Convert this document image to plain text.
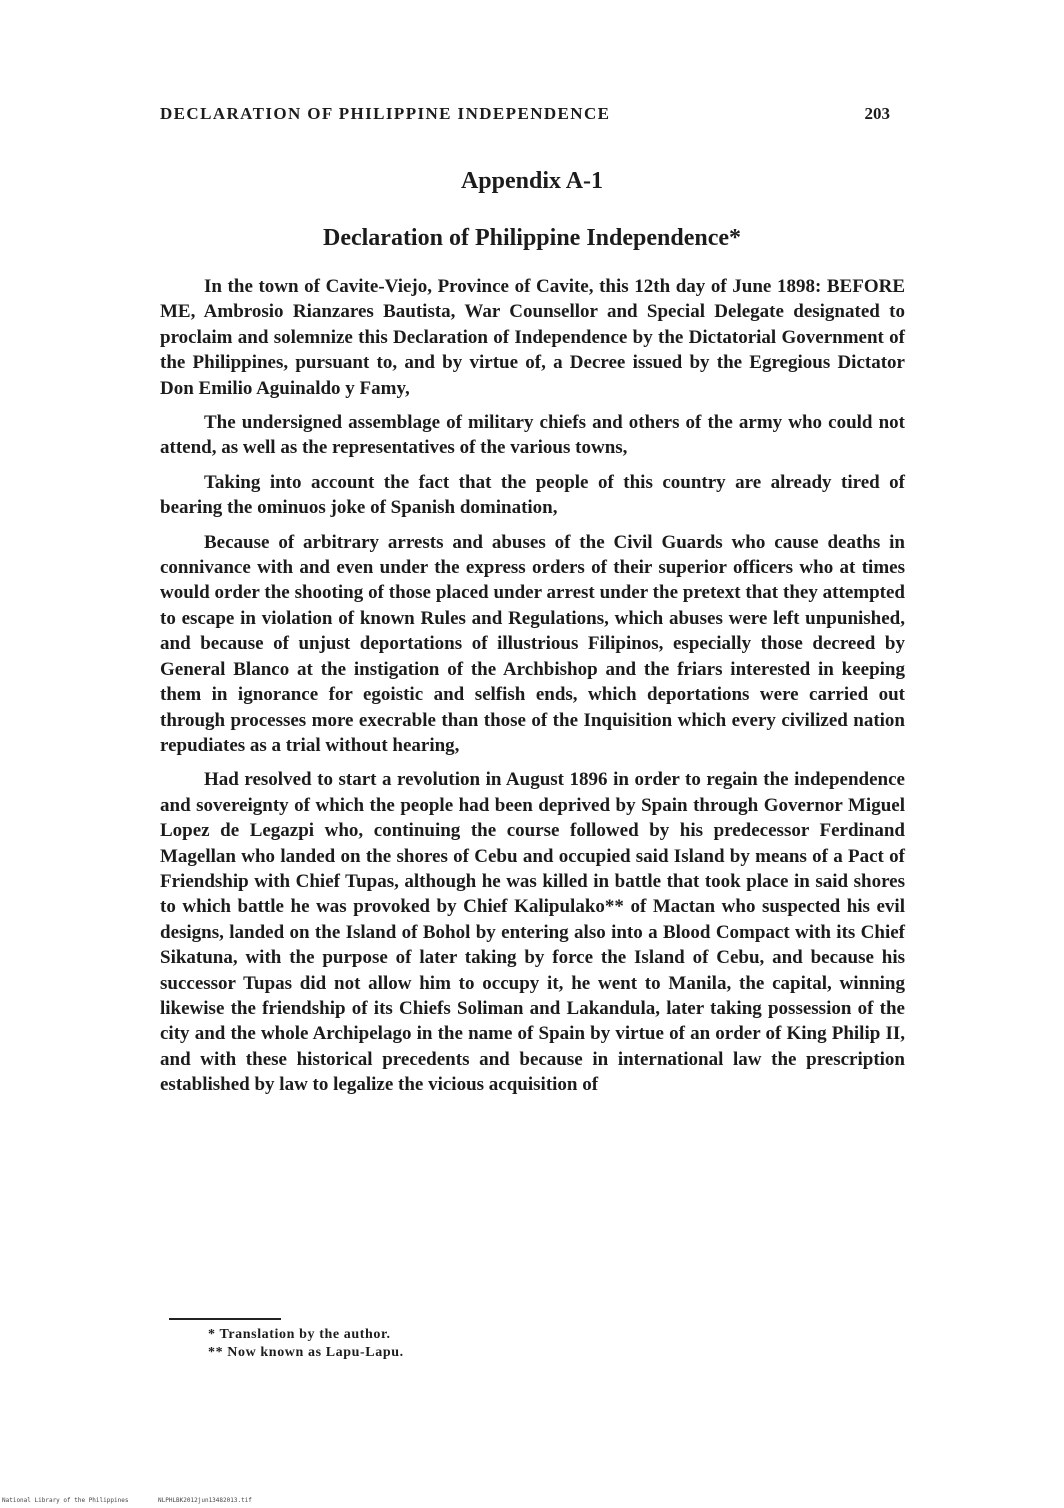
DECLARATION OF PHILIPPINE INDEPENDENCE	203
Appendix A-1
Declaration of Philippine Independence*

In the town of Cavite-Viejo, Province of Cavite, this 12th day of June 1898: BEFORE ME, Ambrosio Rianzares Bautista, War Counsellor and Special Delegate designated to proclaim and solemnize this Declaration of Independence by the Dictatorial Government of the Philippines, pursuant to, and by virtue of, a Decree issued by the Egregious Dictator Don Emilio Aguinaldo y Famy,

The undersigned assemblage of military chiefs and others of the army who could not attend, as well as the representatives of the various towns,

Taking into account the fact that the people of this country are already tired of bearing the ominuos joke of Spanish domination,

Because of arbitrary arrests and abuses of the Civil Guards who cause deaths in connivance with and even under the express orders of their superior officers who at times would order the shooting of those placed under arrest under the pretext that they attempted to escape in violation of known Rules and Regulations, which abuses were left unpunished, and because of unjust deportations of illustrious Filipinos, especially those decreed by General Blanco at the instigation of the Archbishop and the friars interested in keeping them in ignorance for egoistic and selfish ends, which deportations were carried out through processes more execrable than those of the Inquisition which every civilized nation repudiates as a trial without hearing,

Had resolved to start a revolution in August 1896 in order to regain the independence and sovereignty of which the people had been deprived by Spain through Governor Miguel Lopez de Legazpi who, continuing the course followed by his predecessor Ferdinand Magellan who landed on the shores of Cebu and occupied said Island by means of a Pact of Friendship with Chief Tupas, although he was killed in battle that took place in said shores to which battle he was provoked by Chief Kalipulako** of Mactan who suspected his evil designs, landed on the Island of Bohol by entering also into a Blood Compact with its Chief Sikatuna, with the purpose of later taking by force the Island of Cebu, and because his successor Tupas did not allow him to occupy it, he went to Manila, the capital, winning likewise the friendship of its Chiefs Soliman and Lakandula, later taking possession of the city and the whole Archipelago in the name of Spain by virtue of an order of King Philip II, and with these historical precedents and because in international law the prescription established by law to legalize the vicious acquisition of

* Translation by the author.
** Now known as Lapu-Lapu.
National Library of the Philippines	NLPHLBK2012jun13482013.tif
